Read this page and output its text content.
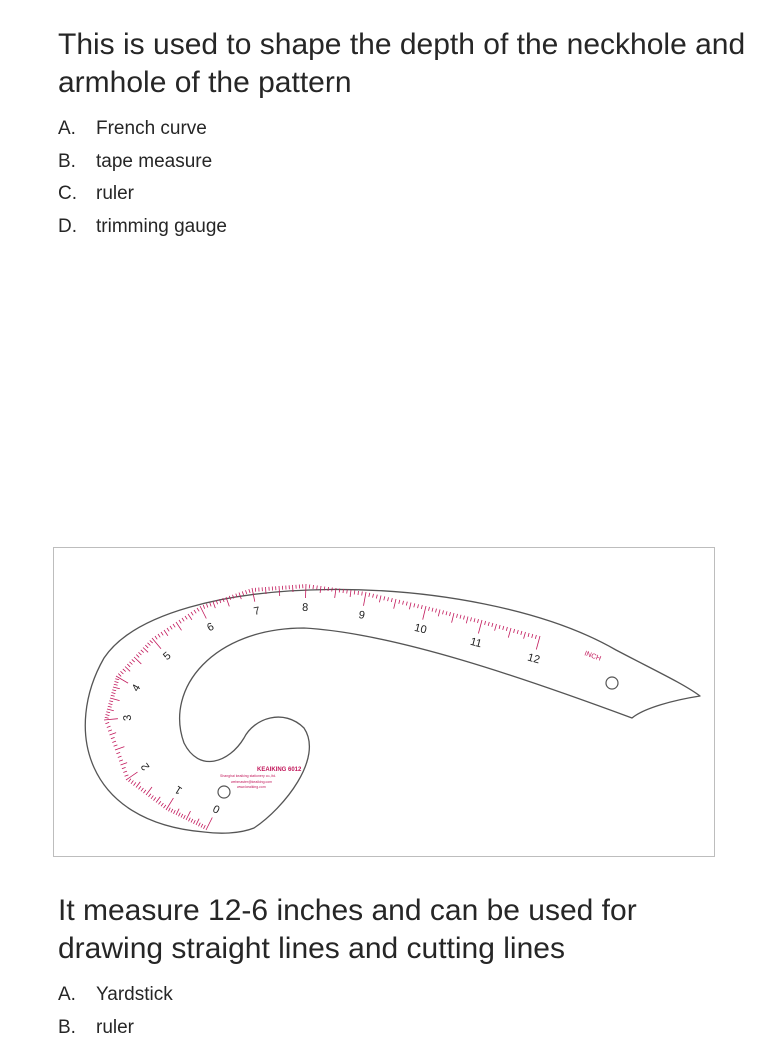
This is used to shape the depth of the neckhole and armhole of the pattern
A. French curve
B. tape measure
C. ruler
D. trimming gauge
0
1
2
3
4
5
6
7	8
9
10
11
12	INCH
KEAIKING 6012
Shanghai keaiking stationery co.,ltd.
webmaster@keaiking.com
www.keaiking.com
It measure 12-6 inches and can be used for drawing straight lines and cutting lines
A. Yardstick
B. ruler
